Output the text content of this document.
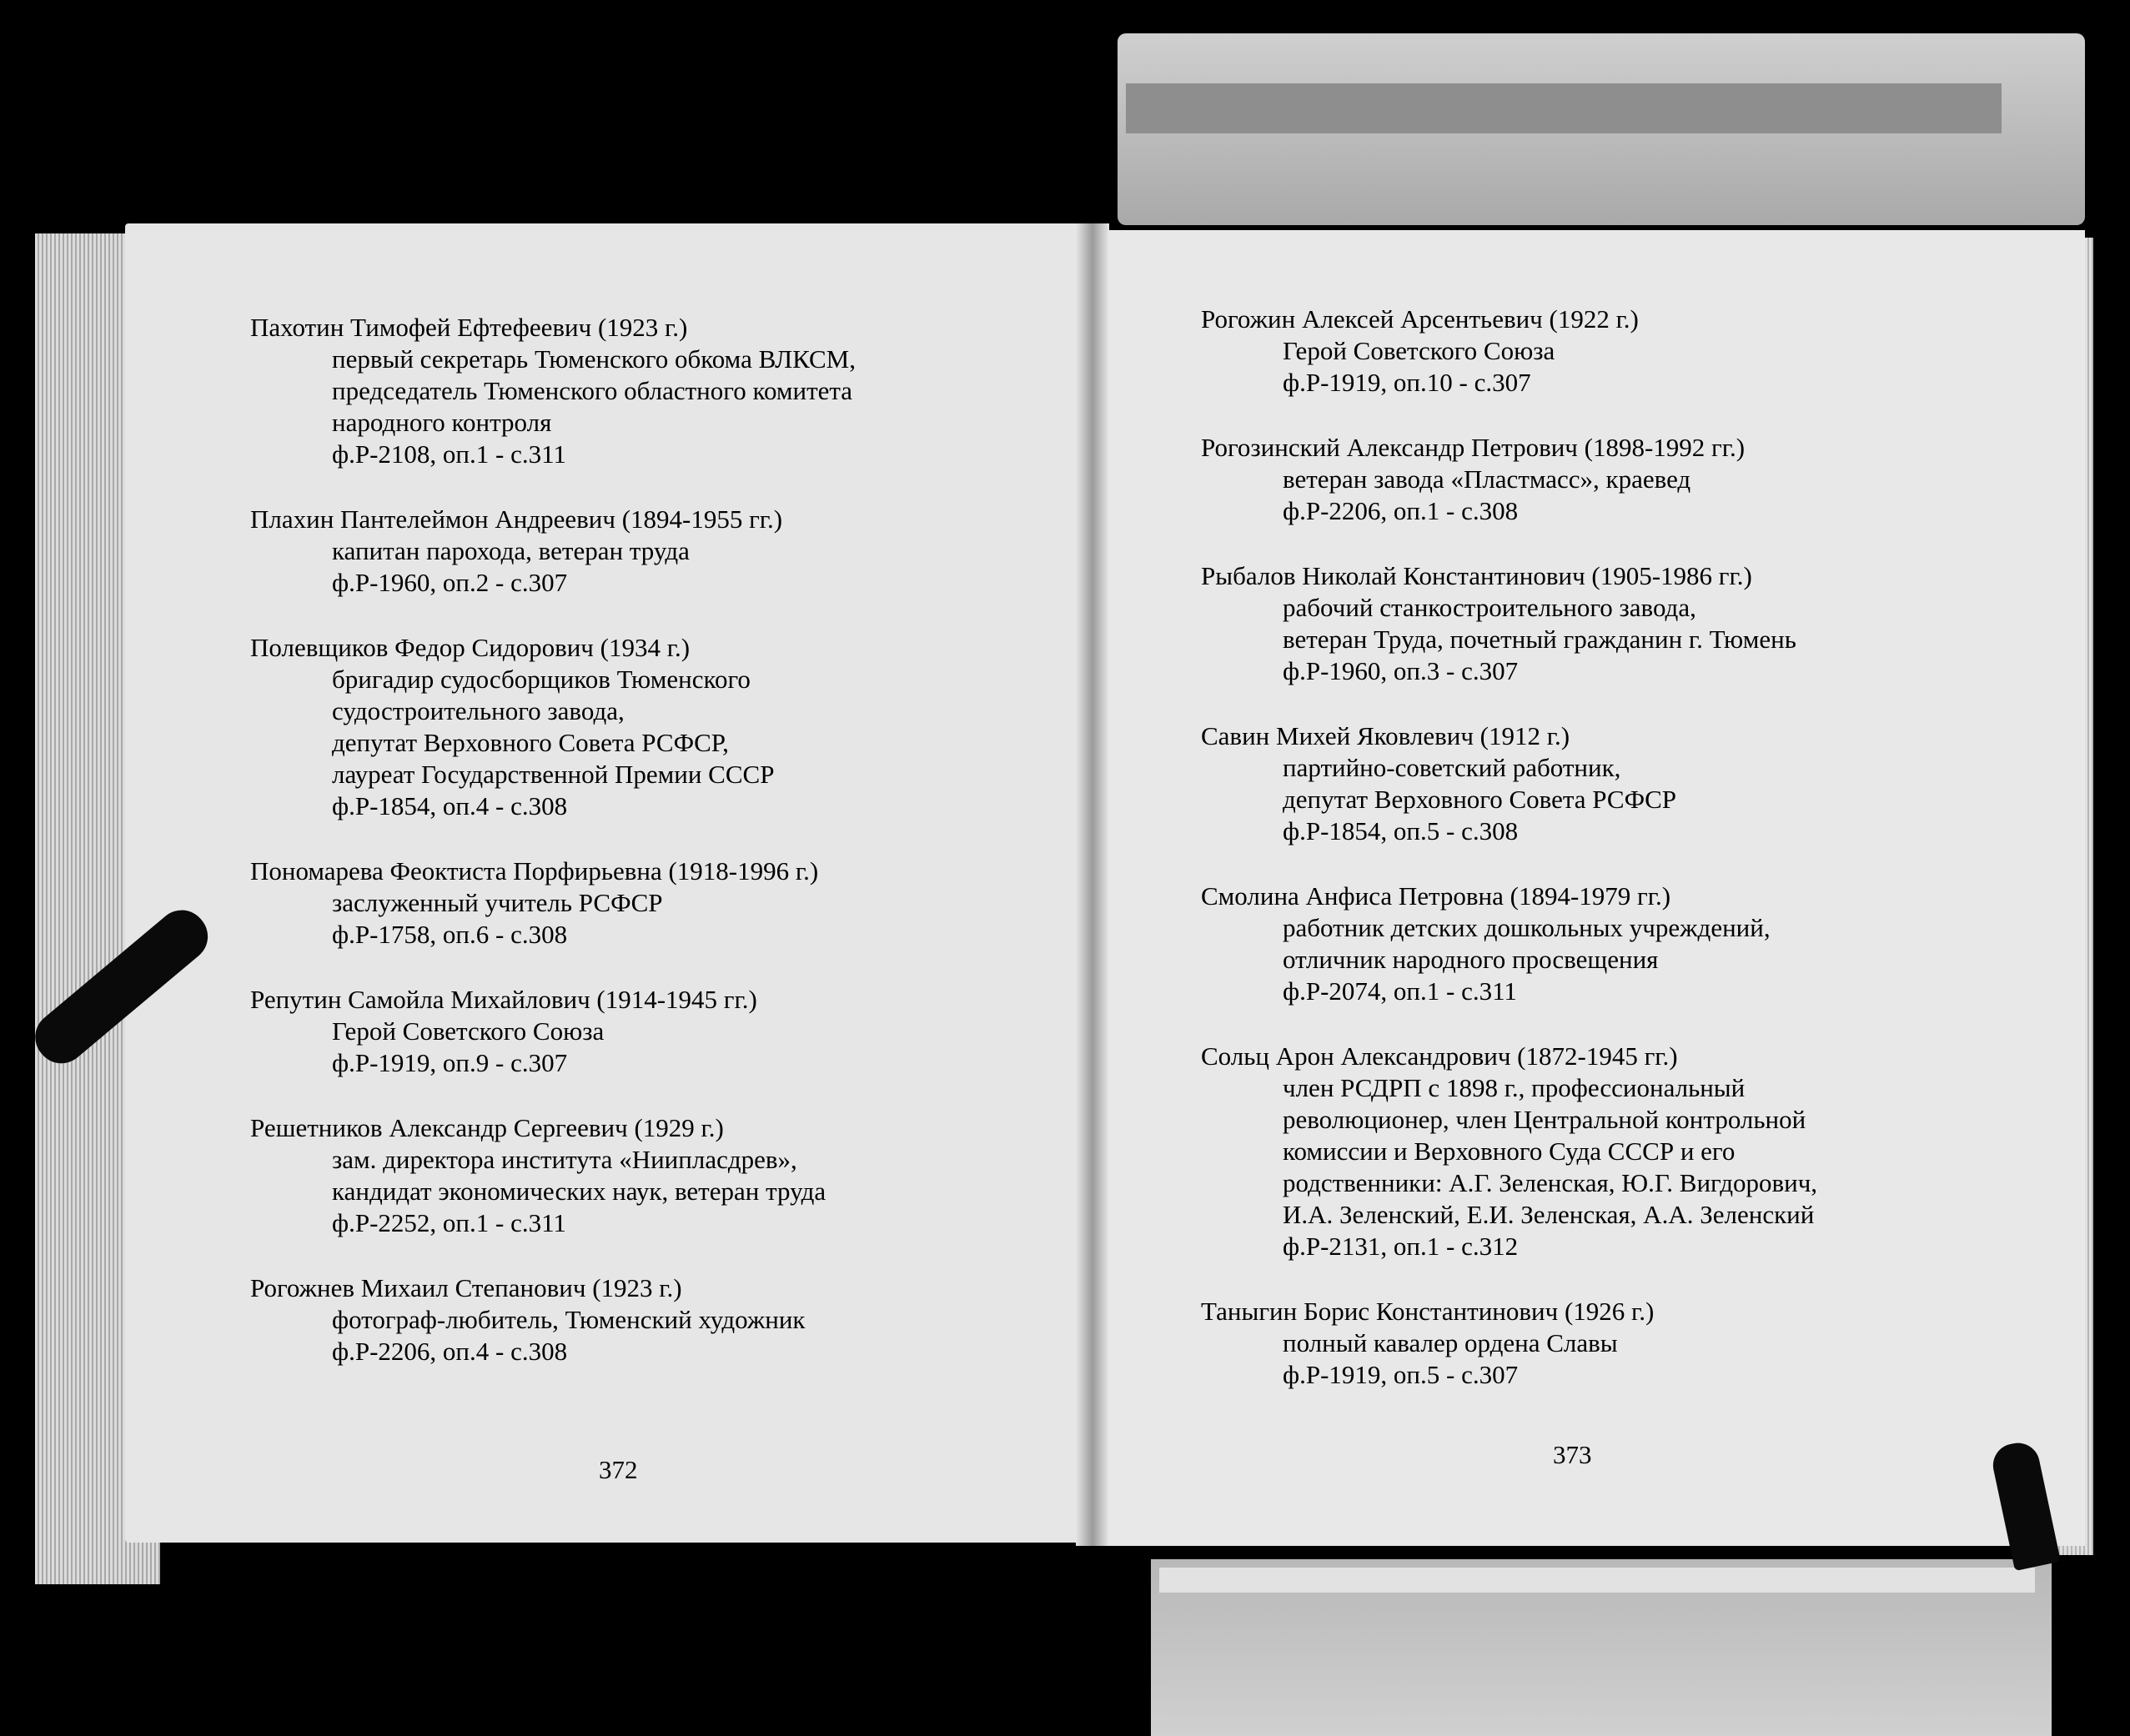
Пахотин Тимофей Ефтефеевич (1923 г.)
первый секретарь Тюменского обкома ВЛКСМ,
председатель Тюменского областного комитета
народного контроля
ф.Р-2108, оп.1 - с.311

Плахин Пантелеймон Андреевич (1894-1955 гг.)
капитан парохода, ветеран труда
ф.Р-1960, оп.2 - с.307

Полевщиков Федор Сидорович (1934 г.)
бригадир судосборщиков Тюменского
судостроительного завода,
депутат Верховного Совета РСФСР,
лауреат Государственной Премии СССР
ф.Р-1854, оп.4 - с.308

Пономарева Феоктиста Порфирьевна (1918-1996 г.)
заслуженный учитель РСФСР
ф.Р-1758, оп.6 - с.308

Репутин Самойла Михайлович (1914-1945 гг.)
Герой Советского Союза
ф.Р-1919, оп.9 - с.307

Решетников Александр Сергеевич (1929 г.)
зам. директора института «Ниипласдрев»,
кандидат экономических наук, ветеран труда
ф.Р-2252, оп.1 - с.311

Рогожнев Михаил Степанович (1923 г.)
фотограф-любитель, Тюменский художник
ф.Р-2206, оп.4 - с.308

Рогожин Алексей Арсентьевич (1922 г.)
Герой Советского Союза
ф.Р-1919, оп.10 - с.307

Рогозинский Александр Петрович (1898-1992 гг.)
ветеран завода «Пластмасс», краевед
ф.Р-2206, оп.1 - с.308

Рыбалов Николай Константинович (1905-1986 гг.)
рабочий станкостроительного завода,
ветеран Труда, почетный гражданин г. Тюмень
ф.Р-1960, оп.3 - с.307

Савин Михей Яковлевич (1912 г.)
партийно-советский работник,
депутат Верховного Совета РСФСР
ф.Р-1854, оп.5 - с.308

Смолина Анфиса Петровна (1894-1979 гг.)
работник детских дошкольных учреждений,
отличник народного просвещения
ф.Р-2074, оп.1 - с.311

Сольц Арон Александрович (1872-1945 гг.)
член РСДРП с 1898 г., профессиональный
революционер, член Центральной контрольной
комиссии и Верховного Суда СССР и его
родственники: А.Г. Зеленская, Ю.Г. Вигдорович,
И.А. Зеленский, Е.И. Зеленская, А.А. Зеленский
ф.Р-2131, оп.1 - с.312

Таныгин Борис Константинович (1926 г.)
полный кавалер ордена Славы
ф.Р-1919, оп.5 - с.307

372
373
